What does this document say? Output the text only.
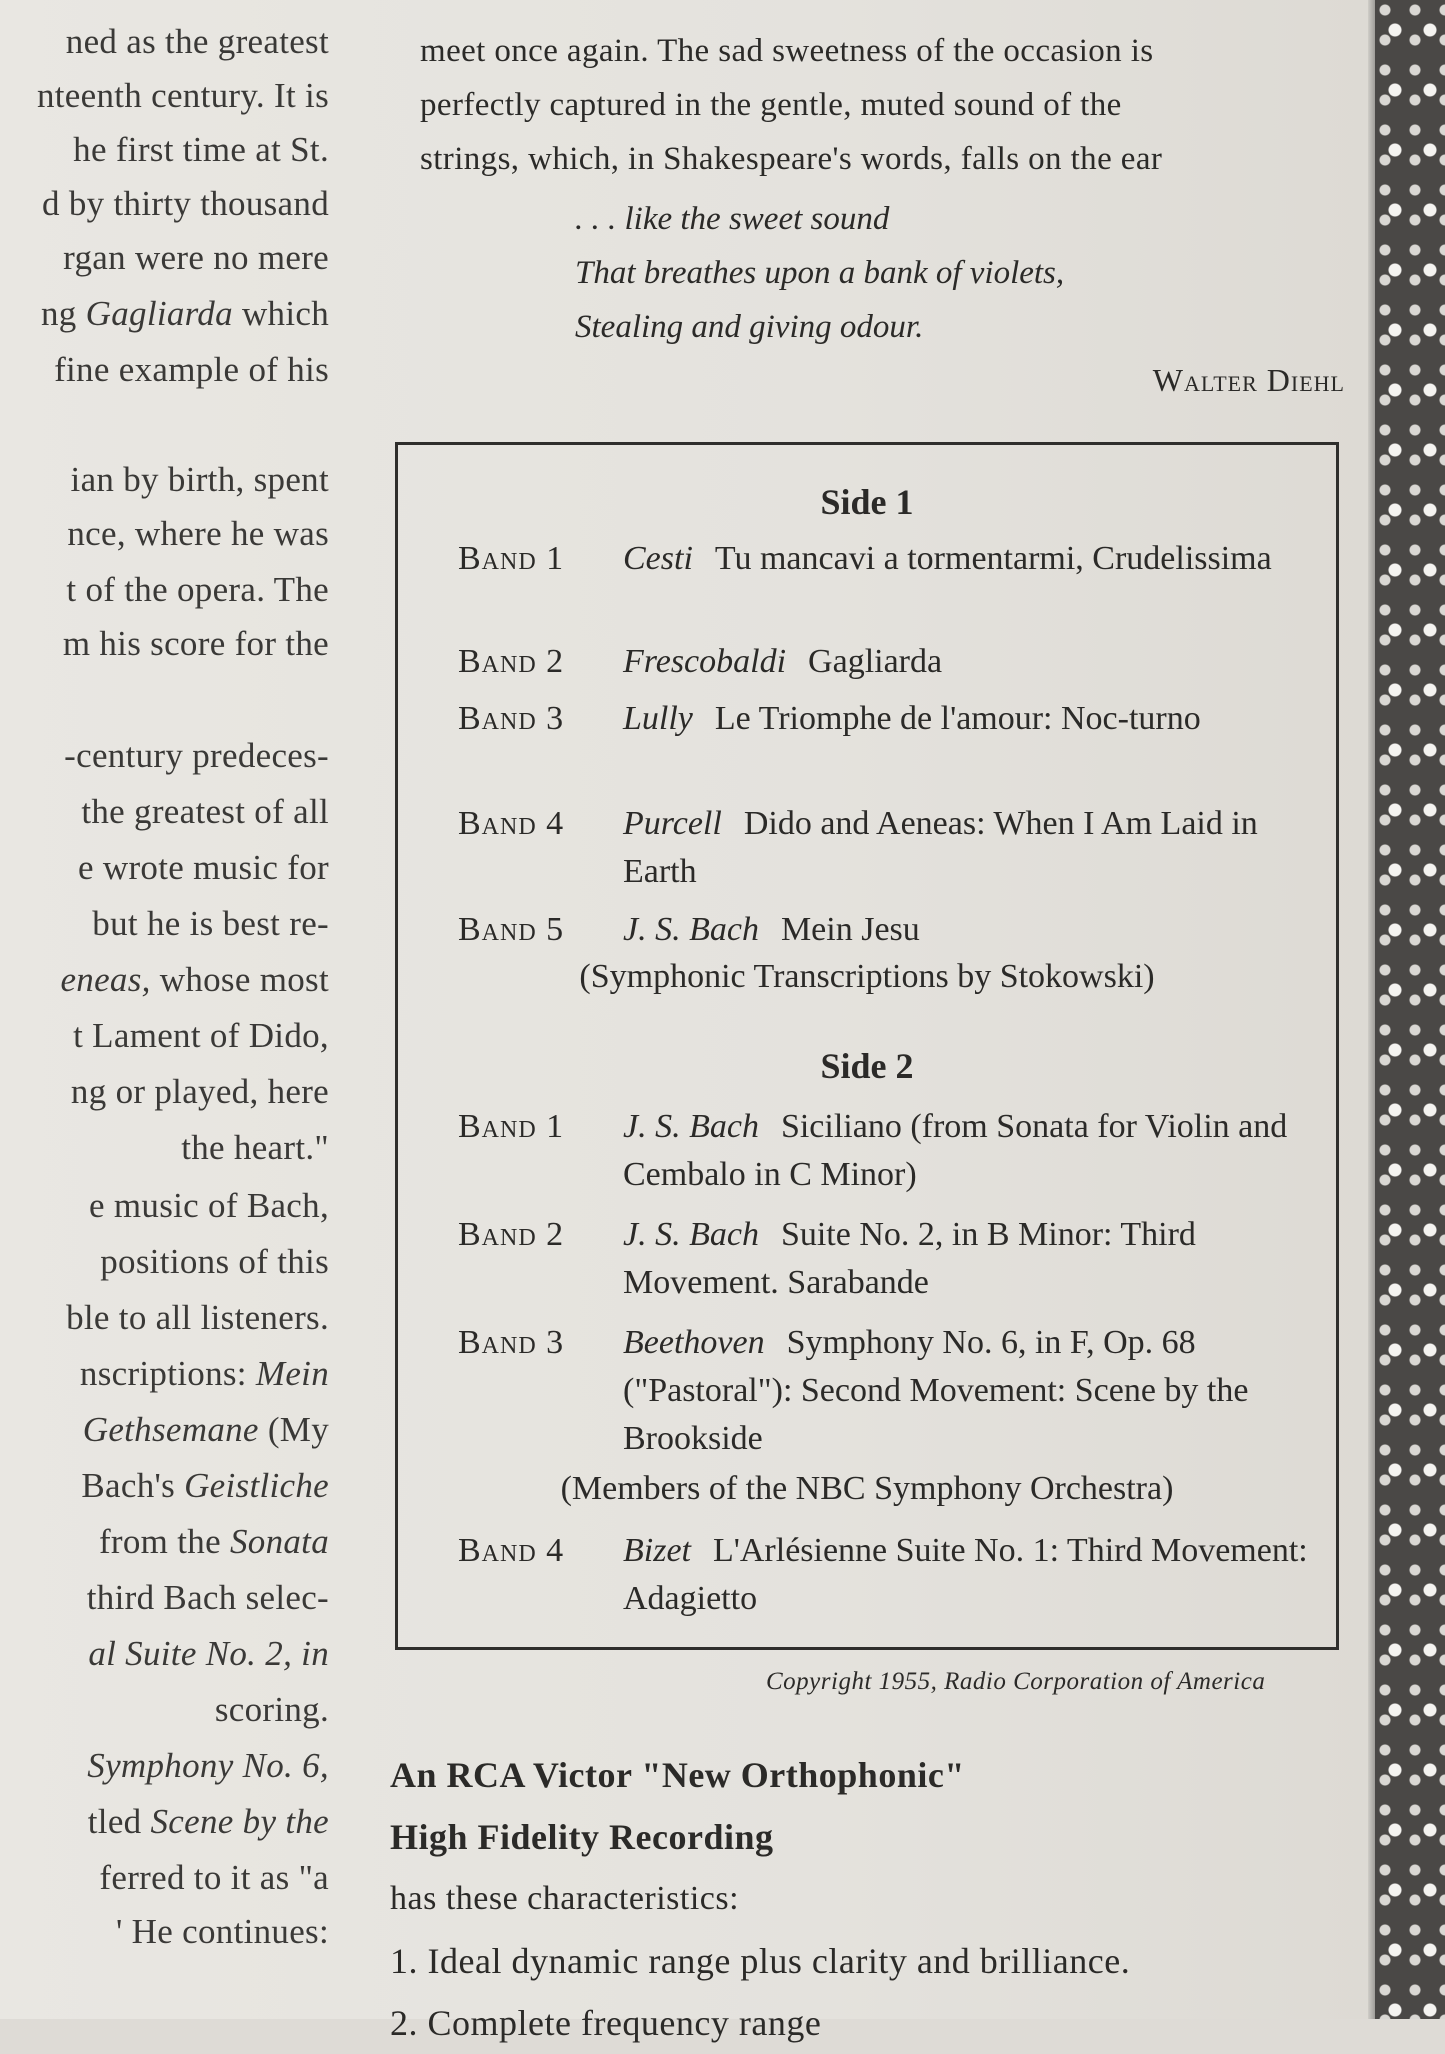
ned as the greatest
nteenth century. It is
he first time at St.
d by thirty thousand
rgan were no mere
ng Gagliarda which
fine example of his
ian by birth, spent
nce, where he was
t of the opera. The
m his score for the
-century predeces-
the greatest of all
e wrote music for
but he is best re-
eneas, whose most
t Lament of Dido,
ng or played, here
the heart."
e music of Bach,
positions of this
ble to all listeners.
nscriptions: Mein
Gethsemane (My
Bach's Geistliche
from the Sonata
third Bach selec-
al Suite No. 2, in
scoring.
Symphony No. 6,
tled Scene by the
ferred to it as "a
' He continues:
meet once again. The sad sweetness of the occasion is
perfectly captured in the gentle, muted sound of the
strings, which, in Shakespeare's words, falls on the ear
. . . like the sweet sound
That breathes upon a bank of violets,
Stealing and giving odour.
Walter Diehl
Side 1
Band 1 Cesti Tu mancavi a tormentarmi, Crudelissima
Band 2 Frescobaldi Gagliarda
Band 3 Lully Le Triomphe de l'amour: Noc-turno
Band 4 Purcell Dido and Aeneas: When I Am Laid in Earth
Band 5 J. S. Bach Mein Jesu
(Symphonic Transcriptions by Stokowski)
Side 2
Band 1 J. S. Bach Siciliano (from Sonata for Violin and Cembalo in C Minor)
Band 2 J. S. Bach Suite No. 2, in B Minor: Third Movement. Sarabande
Band 3 Beethoven Symphony No. 6, in F, Op. 68 ("Pastoral"): Second Movement: Scene by the Brookside
(Members of the NBC Symphony Orchestra)
Band 4 Bizet L'Arlésienne Suite No. 1: Third Movement: Adagietto
Copyright 1955, Radio Corporation of America
An RCA Victor "New Orthophonic"
High Fidelity Recording
has these characteristics:
1. Ideal dynamic range plus clarity and brilliance.
2. Complete frequency range
